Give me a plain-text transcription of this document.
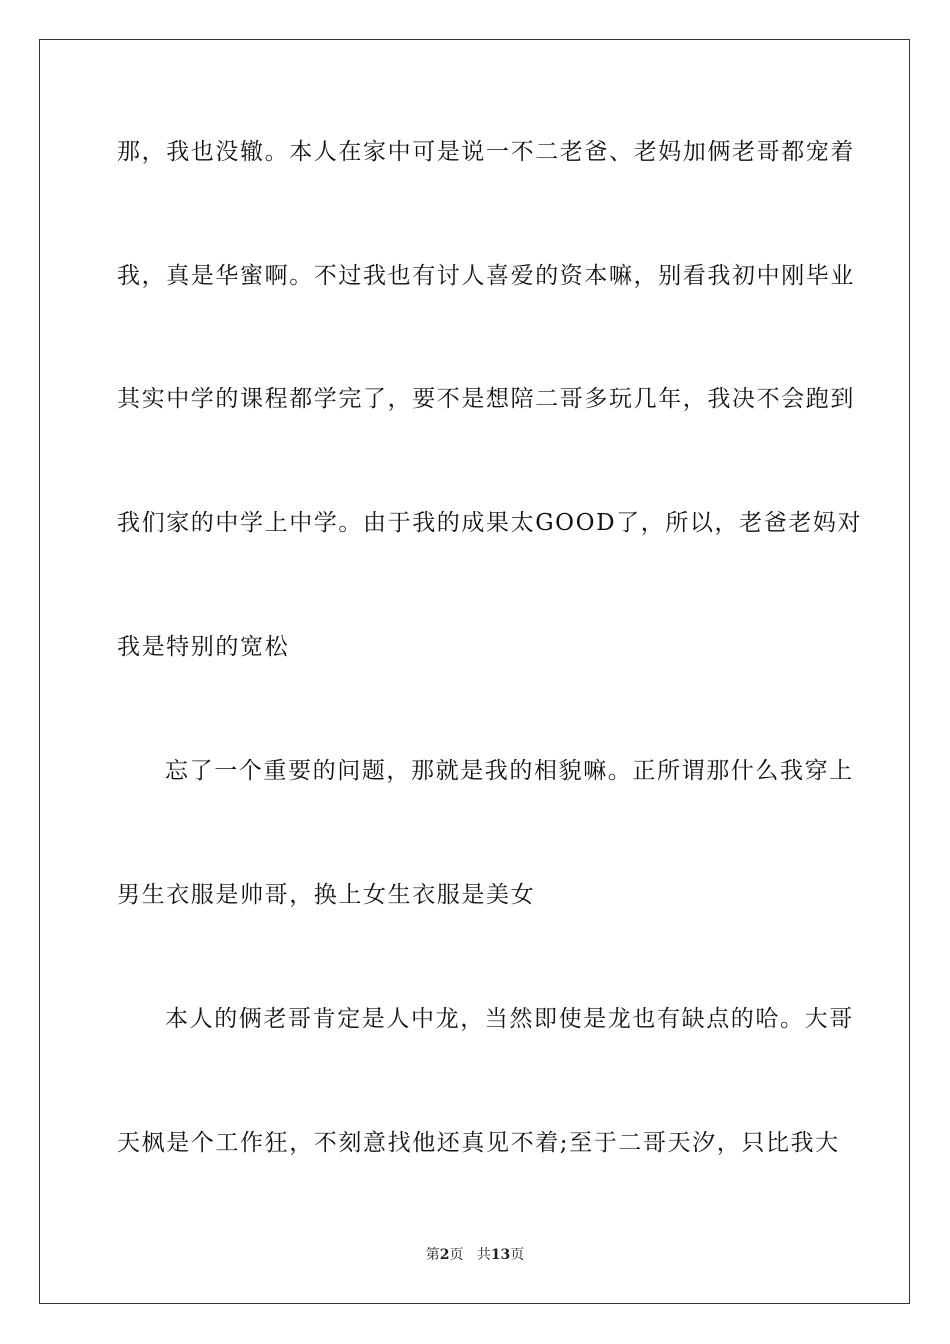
那，我也没辙。本人在家中可是说一不二老爸、老妈加俩老哥都宠着
我，真是华蜜啊。不过我也有讨人喜爱的资本嘛，别看我初中刚毕业
其实中学的课程都学完了，要不是想陪二哥多玩几年，我决不会跑到
我们家的中学上中学。由于我的成果太GOOD了，所以，老爸老妈对
我是特别的宽松
忘了一个重要的问题，那就是我的相貌嘛。正所谓那什么我穿上
男生衣服是帅哥，换上女生衣服是美女
本人的俩老哥肯定是人中龙，当然即使是龙也有缺点的哈。大哥
天枫是个工作狂，不刻意找他还真见不着;至于二哥天汐，只比我大
第2页 共13页
